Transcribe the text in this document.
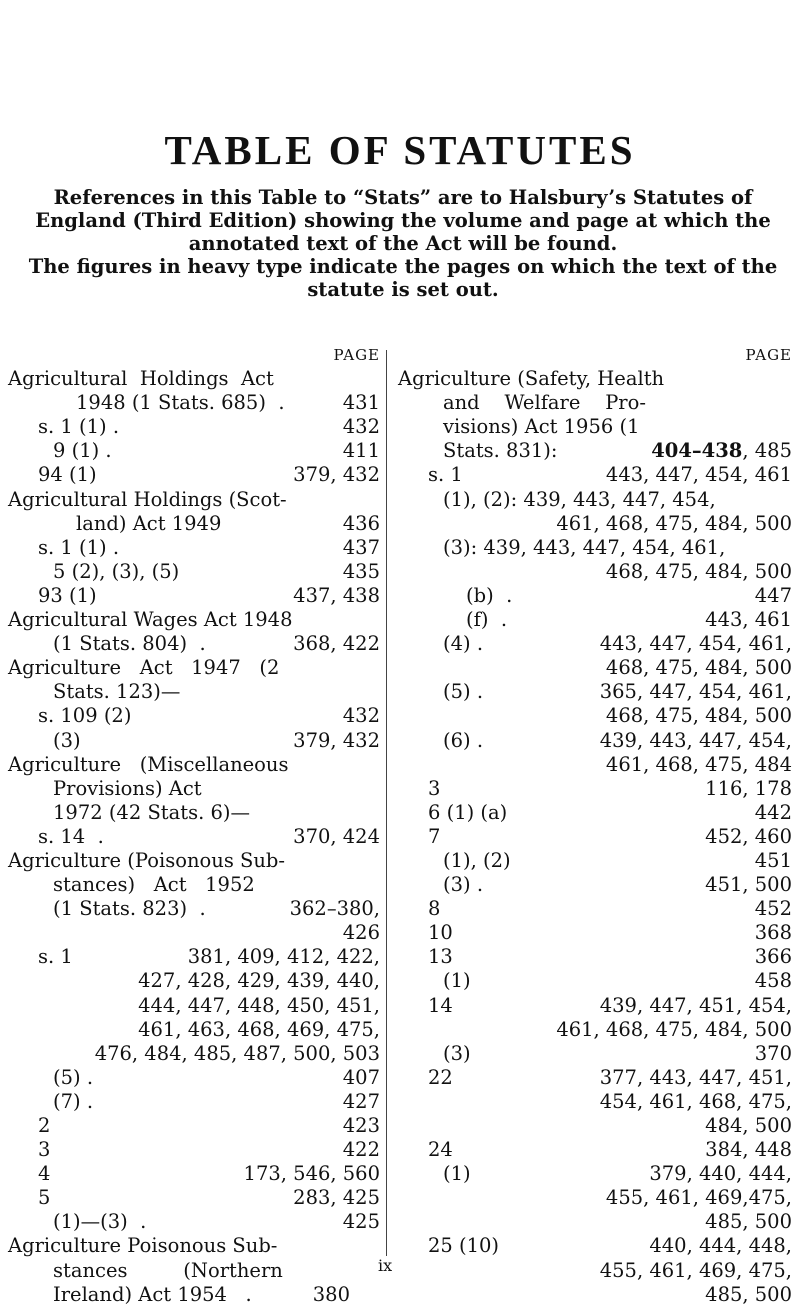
TABLE OF STATUTES

References in this Table to “Stats” are to Halsbury’s Statutes of England (Third Edition) showing the volume and page at which the annotated text of the Act will be found.

The figures in heavy type indicate the pages on which the text of the statute is set out.

PAGE

Agricultural  Holdings  Act
1948 (1 Stats. 685)  .	431
s. 1 (1) .	432
9 (1) .	411
94 (1)	379, 432
Agricultural Holdings (Scot-
land) Act 1949	436
s. 1 (1) .	437
5 (2), (3), (5)	435
93 (1)	437, 438
Agricultural Wages Act 1948
(1 Stats. 804)  .	368, 422
Agriculture   Act   1947   (2
Stats. 123)—
s. 109 (2)	432
(3)	379, 432
Agriculture   (Miscellaneous
Provisions) Act
1972 (42 Stats. 6)—
s. 14  .	370, 424
Agriculture (Poisonous Sub-
stances)   Act   1952
(1 Stats. 823)  .	362–380,
426
s. 1	381, 409, 412, 422,
427, 428, 429, 439, 440,
444, 447, 448, 450, 451,
461, 463, 468, 469, 475,
476, 484, 485, 487, 500, 503
(5) .	407
(7) .	427
2	423
3	422
4	173, 546, 560
5	283, 425
(1)—(3)  .	425
Agriculture Poisonous Sub-
stances         (Northern
Ireland) Act 1954   .	380

PAGE

Agriculture (Safety, Health
and    Welfare    Pro-
visions) Act 1956 (1
Stats. 831):	404–438, 485
s. 1	443, 447, 454, 461
(1), (2): 439, 443, 447, 454,
461, 468, 475, 484, 500
(3): 439, 443, 447, 454, 461,
468, 475, 484, 500
(b)  .	447
(f)  .	443, 461
(4) .	443, 447, 454, 461,
468, 475, 484, 500
(5) .	365, 447, 454, 461,
468, 475, 484, 500
(6) .	439, 443, 447, 454,
461, 468, 475, 484
3	116, 178
6 (1) (a)	442
7	452, 460
(1), (2)	451
(3) .	451, 500
8	452
10	368
13	366
(1)	458
14	439, 447, 451, 454,
461, 468, 475, 484, 500
(3)	370
22	377, 443, 447, 451,
454, 461, 468, 475,
484, 500
24	384, 448
(1)	379, 440, 444,
455, 461, 469,475,
485, 500
25 (10)	440, 444, 448,
455, 461, 469, 475,
485, 500
ix
